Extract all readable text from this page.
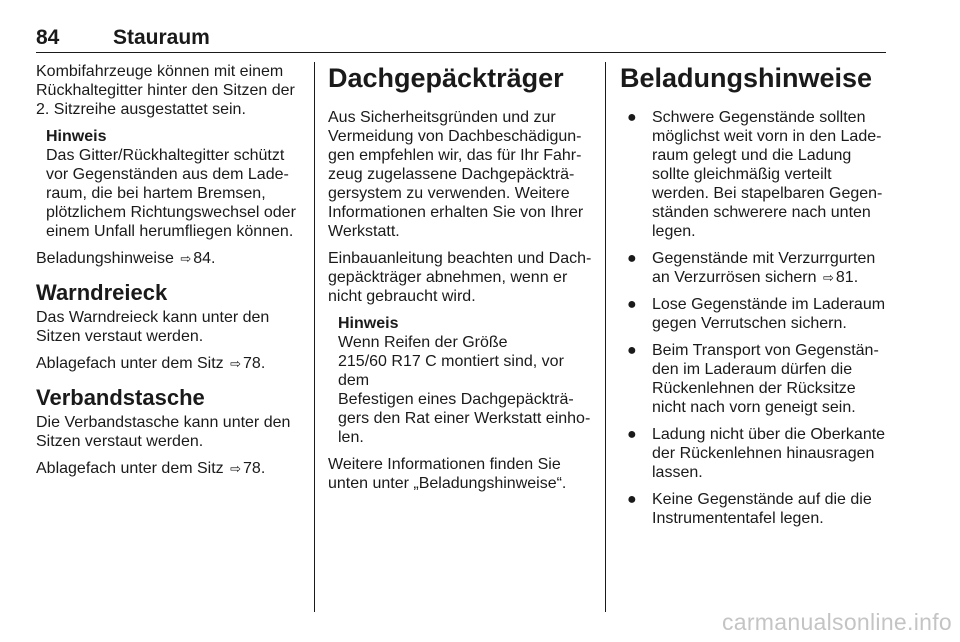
84	Stauraum

Kombifahrzeuge können mit einem
Rückhaltegitter hinter den Sitzen der
2. Sitzreihe ausgestattet sein.

Hinweis
Das Gitter/Rückhaltegitter schützt
vor Gegenständen aus dem Lade-
raum, die bei hartem Bremsen,
plötzlichem Richtungswechsel oder
einem Unfall herumfliegen können.

Beladungshinweise ⇨ 84.

Warndreieck

Das Warndreieck kann unter den
Sitzen verstaut werden.

Ablagefach unter dem Sitz ⇨ 78.

Verbandstasche

Die Verbandstasche kann unter den
Sitzen verstaut werden.

Ablagefach unter dem Sitz ⇨ 78.

Dachgepäckträger

Aus Sicherheitsgründen und zur
Vermeidung von Dachbeschädigun-
gen empfehlen wir, das für Ihr Fahr-
zeug zugelassene Dachgepäckträ-
gersystem zu verwenden. Weitere
Informationen erhalten Sie von Ihrer
Werkstatt.

Einbauanleitung beachten und Dach-
gepäckträger abnehmen, wenn er
nicht gebraucht wird.

Hinweis
Wenn Reifen der Größe
215/60 R17 C montiert sind, vor dem
Befestigen eines Dachgepäckträ-
gers den Rat einer Werkstatt einho-
len.

Weitere Informationen finden Sie
unten unter „Beladungshinweise“.

Beladungshinweise
● Schwere Gegenstände sollten
möglichst weit vorn in den Lade-
raum gelegt und die Ladung
sollte gleichmäßig verteilt
werden. Bei stapelbaren Gegen-
ständen schwerere nach unten
legen.
● Gegenstände mit Verzurrgurten
an Verzurrösen sichern ⇨ 81.
● Lose Gegenstände im Laderaum
gegen Verrutschen sichern.
● Beim Transport von Gegenstän-
den im Laderaum dürfen die
Rückenlehnen der Rücksitze
nicht nach vorn geneigt sein.
● Ladung nicht über die Oberkante
der Rückenlehnen hinausragen
lassen.
● Keine Gegenstände auf die die
Instrumententafel legen.
carmanualsonline.info
